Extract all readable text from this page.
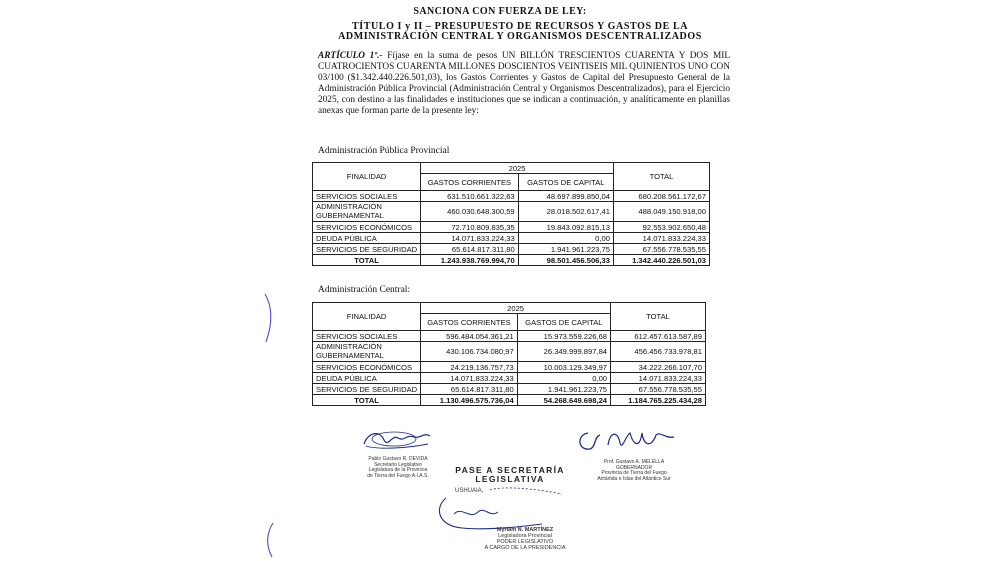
SANCIONA CON FUERZA DE LEY:
TÍTULO I y II – PRESUPUESTO DE RECURSOS Y GASTOS DE LA
ADMINISTRACIÓN CENTRAL Y ORGANISMOS DESCENTRALIZADOS
ARTÍCULO 1º.- Fíjase en la suma de pesos UN BILLÓN TRESCIENTOS CUARENTA Y DOS MIL CUATROCIENTOS CUARENTA MILLONES DOSCIENTOS VEINTISEIS MIL QUINIENTOS UNO CON 03/100 ($1.342.440.226.501,03), los Gastos Corrientes y Gastos de Capital del Presupuesto General de la Administración Pública Provincial (Administración Central y Organismos Descentralizados), para el Ejercicio 2025, con destino a las finalidades e instituciones que se indican a continuación, y analíticamente en planillas anexas que forman parte de la presente ley:
Administración Pública Provincial
FINALIDAD	2025		TOTAL
	GASTOS CORRIENTES	GASTOS DE CAPITAL	
SERVICIOS SOCIALES	631.510.661.322,63	48.697.899.850,04	680.208.561.172,67
ADMINISTRACIÓN GUBERNAMENTAL	460.030.648.300,59	28.018.502.617,41	488.049.150.918,00
SERVICIOS ECONÓMICOS	72.710.809.835,35	19.843.092.815,13	92.553.902.650,48
DEUDA PÚBLICA	14.071.833.224,33	0,00	14.071.833.224,33
SERVICIOS DE SEGURIDAD	65.614.817.311,80	1.941.961.223,75	67.556.778.535,55
TOTAL	1.243.938.769.994,70	98.501.456.506,33	1.342.440.226.501,03
Administración Central:
FINALIDAD	2025		TOTAL
	GASTOS CORRIENTES	GASTOS DE CAPITAL	
SERVICIOS SOCIALES	596.484.054.361,21	15.973.559.226,68	612.457.613.587,89
ADMINISTRACIÓN GUBERNAMENTAL	430.106.734.080,97	26.349.999.897,84	456.456.733.978,81
SERVICIOS ECONÓMICOS	24.219.136.757,73	10.003.129.349,97	34.222.266.107,70
DEUDA PÚBLICA	14.071.833.224,33	0,00	14.071.833.224,33
SERVICIOS DE SEGURIDAD	65.614.817.311,80	1.941.961.223,75	67.556.778.535,55
TOTAL	1.130.496.575.736,04	54.268.649.698,24	1.184.765.225.434,28
Pablo Gustavo R. DEVIDA
Secretario Legislativo
Legislatura de la Provincia
de Tierra del Fuego A.I.A.S.
Prof. Gustavo A. MELELLA
GOBERNADOR
Provincia de Tierra del Fuego
Antártida e Islas del Atlántico Sur
PASE A SECRETARÍA
LEGISLATIVA
USHUAIA,
Myriam N. MARTÍNEZ
Legisladora Provincial
PODER LEGISLATIVO
A CARGO DE LA PRESIDENCIA
